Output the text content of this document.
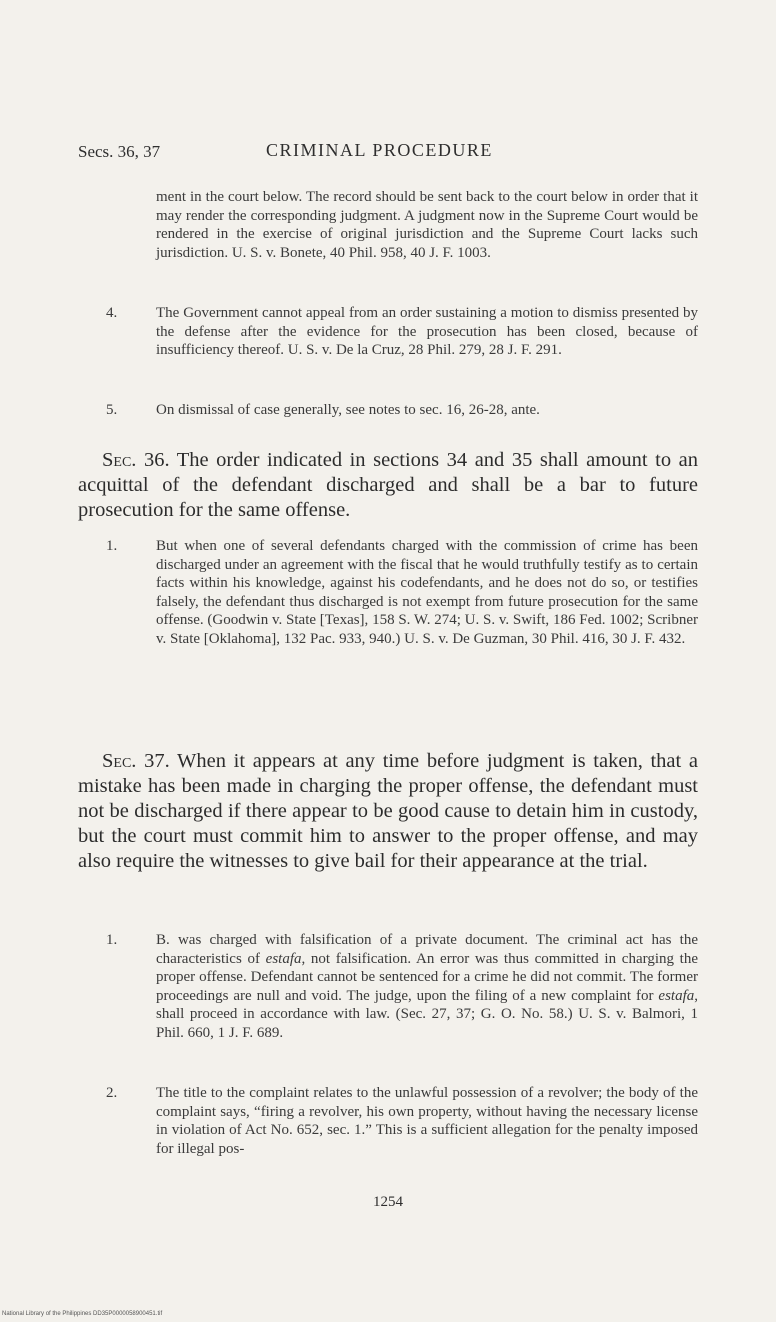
Secs. 36, 37	CRIMINAL PROCEDURE
ment in the court below. The record should be sent back to the court below in order that it may render the corresponding judgment. A judgment now in the Supreme Court would be rendered in the exercise of original jurisdiction and the Supreme Court lacks such jurisdiction. U. S. v. Bonete, 40 Phil. 958, 40 J. F. 1003.
4.	The Government cannot appeal from an order sustaining a motion to dismiss presented by the defense after the evidence for the prosecution has been closed, because of insufficiency thereof. U. S. v. De la Cruz, 28 Phil. 279, 28 J. F. 291.
5.	On dismissal of case generally, see notes to sec. 16, 26-28, ante.
Sec. 36. The order indicated in sections 34 and 35 shall amount to an acquittal of the defendant discharged and shall be a bar to future prosecution for the same offense.
1.	But when one of several defendants charged with the commission of crime has been discharged under an agreement with the fiscal that he would truthfully testify as to certain facts within his knowledge, against his codefendants, and he does not do so, or testifies falsely, the defendant thus discharged is not exempt from future prosecution for the same offense. (Goodwin v. State [Texas], 158 S. W. 274; U. S. v. Swift, 186 Fed. 1002; Scribner v. State [Oklahoma], 132 Pac. 933, 940.) U. S. v. De Guzman, 30 Phil. 416, 30 J. F. 432.
Sec. 37. When it appears at any time before judgment is taken, that a mistake has been made in charging the proper offense, the defendant must not be discharged if there appear to be good cause to detain him in custody, but the court must commit him to answer to the proper offense, and may also require the witnesses to give bail for their appearance at the trial.
1.	B. was charged with falsification of a private document. The criminal act has the characteristics of estafa, not falsification. An error was thus committed in charging the proper offense. Defendant cannot be sentenced for a crime he did not commit. The former proceedings are null and void. The judge, upon the filing of a new complaint for estafa, shall proceed in accordance with law. (Sec. 27, 37; G. O. No. 58.) U. S. v. Balmori, 1 Phil. 660, 1 J. F. 689.
2.	The title to the complaint relates to the unlawful possession of a revolver; the body of the complaint says, “firing a revolver, his own property, without having the necessary license in violation of Act No. 652, sec. 1.” This is a sufficient allegation for the penalty imposed for illegal pos-
1254
National Library of the Philippines DD35P0000058900451.tif
